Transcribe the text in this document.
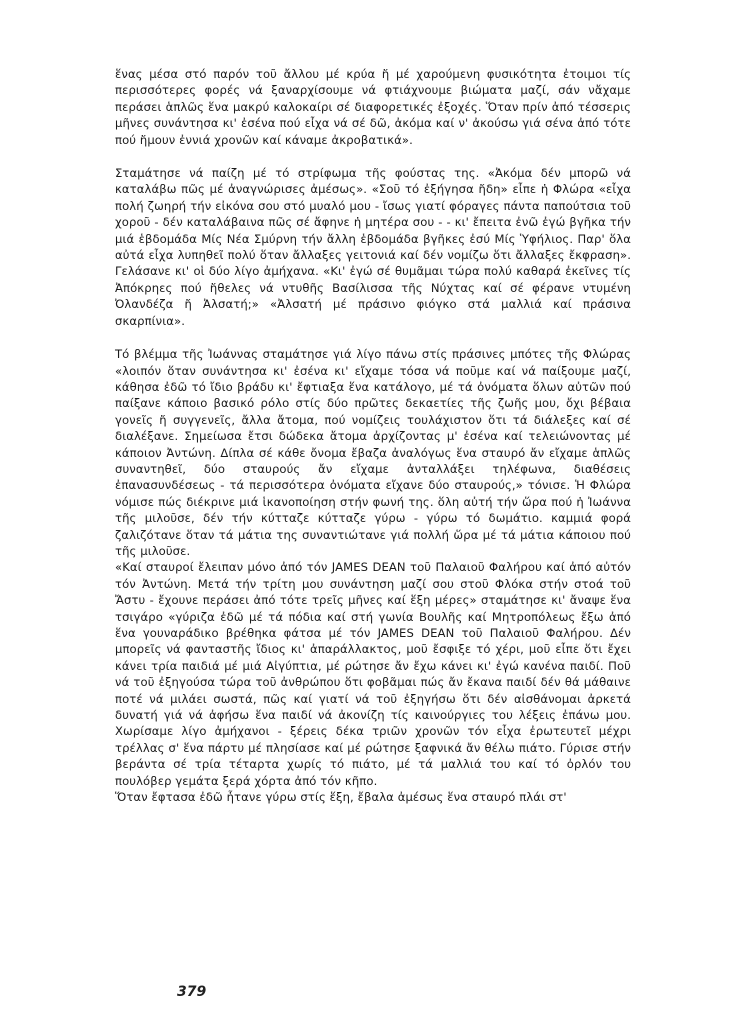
ἕνας μέσα στό παρόν τοῦ ἄλλου μέ κρύα ἤ μέ χαρούμενη φυσικότητα ἐτοιμοι τίς περισσότερες φορές νά ξαναρχίσουμε νά φτιάχνουμε βιώματα μαζί, σάν νἄχαμε περάσει ἁπλῶς ἕνα μακρύ καλοκαίρι σέ διαφορετικές ἐξοχές. Ὅταν πρίν ἀπό τέσσερις μῆνες συνάντησα κι' ἐσένα πού εἶχα νά σέ δῶ, ἀκόμα καί ν' ἀκούσω γιά σένα ἀπό τότε πού ἤμουν ἐννιά χρονῶν καί κάναμε ἀκροβατικά».

Σταμάτησε νά παίζη μέ τό στρίφωμα τῆς φούστας της. «Ἀκόμα δέν μπορῶ νά καταλάβω πῶς μέ ἀναγνώρισες ἀμέσως». «Σοῦ τό ἐξήγησα ἤδη» εἶπε ἡ Φλώρα «εἶχα πολή ζωηρή τήν εἰκόνα σου στό μυαλό μου - ἴσως γιατί φόραγες πάντα παπούτσια τοῦ χοροῦ - δέν καταλάβαινα πῶς σέ ἄφηνε ἡ μητέρα σου - - κι' ἔπειτα ἐνῶ ἐγώ βγῆκα τήν μιά ἑβδομάδα Μίς Νέα Σμύρνη τήν ἄλλη ἑβδομάδα βγῆκες ἐσύ Μίς Ὑφήλιος. Παρ' ὅλα αὐτά εἶχα λυπηθεῖ πολύ ὅταν ἄλλαξες γειτονιά καί δέν νομίζω ὅτι ἄλλαξες ἔκφραση». Γελάσανε κι' οἱ δύο λίγο ἀμήχανα. «Κι' ἐγώ σέ θυμᾶμαι τώρα πολύ καθαρά ἐκεῖνες τίς Ἀπόκρηες πού ἤθελες νά ντυθῆς Βασίλισσα τῆς Νύχτας καί σέ φέρανε ντυμένη Ὀλανδέζα ἤ Ἀλσατή;» «Ἀλσατή μέ πράσινο φιόγκο στά μαλλιά καί πράσινα σκαρπίνια».

Τό βλέμμα τῆς Ἰωάννας σταμάτησε γιά λίγο πάνω στίς πράσινες μπότες τῆς Φλώρας «λοιπόν ὅταν συνάντησα κι' ἐσένα κι' εἴχαμε τόσα νά ποῦμε καί νά παίξουμε μαζί, κάθησα ἐδῶ τό ἴδιο βράδυ κι' ἔφτιαξα ἕνα κατάλογο, μέ τά ὀνόματα ὅλων αὐτῶν πού παίξανε κάποιο βασικό ρόλο στίς δύο πρῶτες δεκαετίες τῆς ζωῆς μου, ὄχι βέβαια γονεῖς ἤ συγγενεῖς, ἄλλα ἄτομα, πού νομίζεις τουλάχιστον ὅτι τά διάλεξες καί σέ διαλέξανε. Σημείωσα ἔτσι δώδεκα ἄτομα ἀρχίζοντας μ' ἐσένα καί τελειώνοντας μέ κάποιον Ἀντώνη. Δίπλα σέ κάθε ὄνομα ἔβαζα ἀναλόγως ἕνα σταυρό ἄν εἴχαμε ἁπλῶς συναντηθεῖ, δύο σταυρούς ἄν εἴχαμε ἀνταλλάξει τηλέφωνα, διαθέσεις ἐπανασυνδέσεως - τά περισσότερα ὀνόματα εἴχανε δύο σταυρούς,» τόνισε. Ἡ Φλώρα νόμισε πώς διέκρινε μιά ἱκανοποίηση στήν φωνή της. ὅλη αὐτή τήν ὥρα πού ἡ Ἰωάννα τῆς μιλοῦσε, δέν τήν κύτταζε κύτταζε γύρω - γύρω τό δωμάτιο. καμμιά φορά ζαλιζότανε ὅταν τά μάτια της συναντιώτανε γιά πολλή ὥρα μέ τά μάτια κάποιου πού τῆς μιλοῦσε.

«Καί σταυροί ἔλειπαν μόνο ἀπό τόν JAMES DEAN τοῦ Παλαιοῦ Φαλήρου καί ἀπό αὐτόν τόν Ἀντώνη. Μετά τήν τρίτη μου συνάντηση μαζί σου στοῦ Φλόκα στήν στοά τοῦ Ἄστυ - ἔχουνε περάσει ἀπό τότε τρεῖς μῆνες καί ἕξη μέρες» σταμάτησε κι' ἄναψε ἕνα τσιγάρο «γύριζα ἐδῶ μέ τά πόδια καί στή γωνία Βουλῆς καί Μητροπόλεως ἔξω ἀπό ἕνα γουναράδικο βρέθηκα φάτσα μέ τόν JAMES DEAN τοῦ Παλαιοῦ Φαλήρου. Δέν μπορεῖς νά φανταστῆς ἴδιος κι' ἀπαράλλακτος, μοῦ ἔσφιξε τό χέρι, μοῦ εἶπε ὅτι ἔχει κάνει τρία παιδιά μέ μιά Αἰγύπτια, μέ ρώτησε ἄν ἔχω κάνει κι' ἐγώ κανένα παιδί. Ποῦ νά τοῦ ἐξηγούσα τώρα τοῦ ἀνθρώπου ὅτι φοβᾶμαι πώς ἄν ἔκανα παιδί δέν θά μάθαινε ποτέ νά μιλάει σωστά, πῶς καί γιατί νά τοῦ ἐξηγήσω ὅτι δέν αἰσθάνομαι ἀρκετά δυνατή γιά νά ἀφήσω ἕνα παιδί νά ἀκονίζη τίς καινούργιες του λέξεις ἐπάνω μου. Χωρίσαμε λίγο ἀμήχανοι - ξέρεις δέκα τριῶν χρονῶν τόν εἶχα ἐρωτευτεῖ μέχρι τρέλλας σ' ἕνα πάρτυ μέ πλησίασε καί μέ ρώτησε ξαφνικά ἄν θέλω πιάτο. Γύρισε στήν βεράντα σέ τρία τέταρτα χωρίς τό πιάτο, μέ τά μαλλιά του καί τό ὀρλόν του πουλόβερ γεμάτα ξερά χόρτα ἀπό τόν κῆπο.

Ὅταν ἔφτασα ἐδῶ ἦτανε γύρω στίς ἕξη, ἔβαλα ἀμέσως ἕνα σταυρό πλάι στ'

379
